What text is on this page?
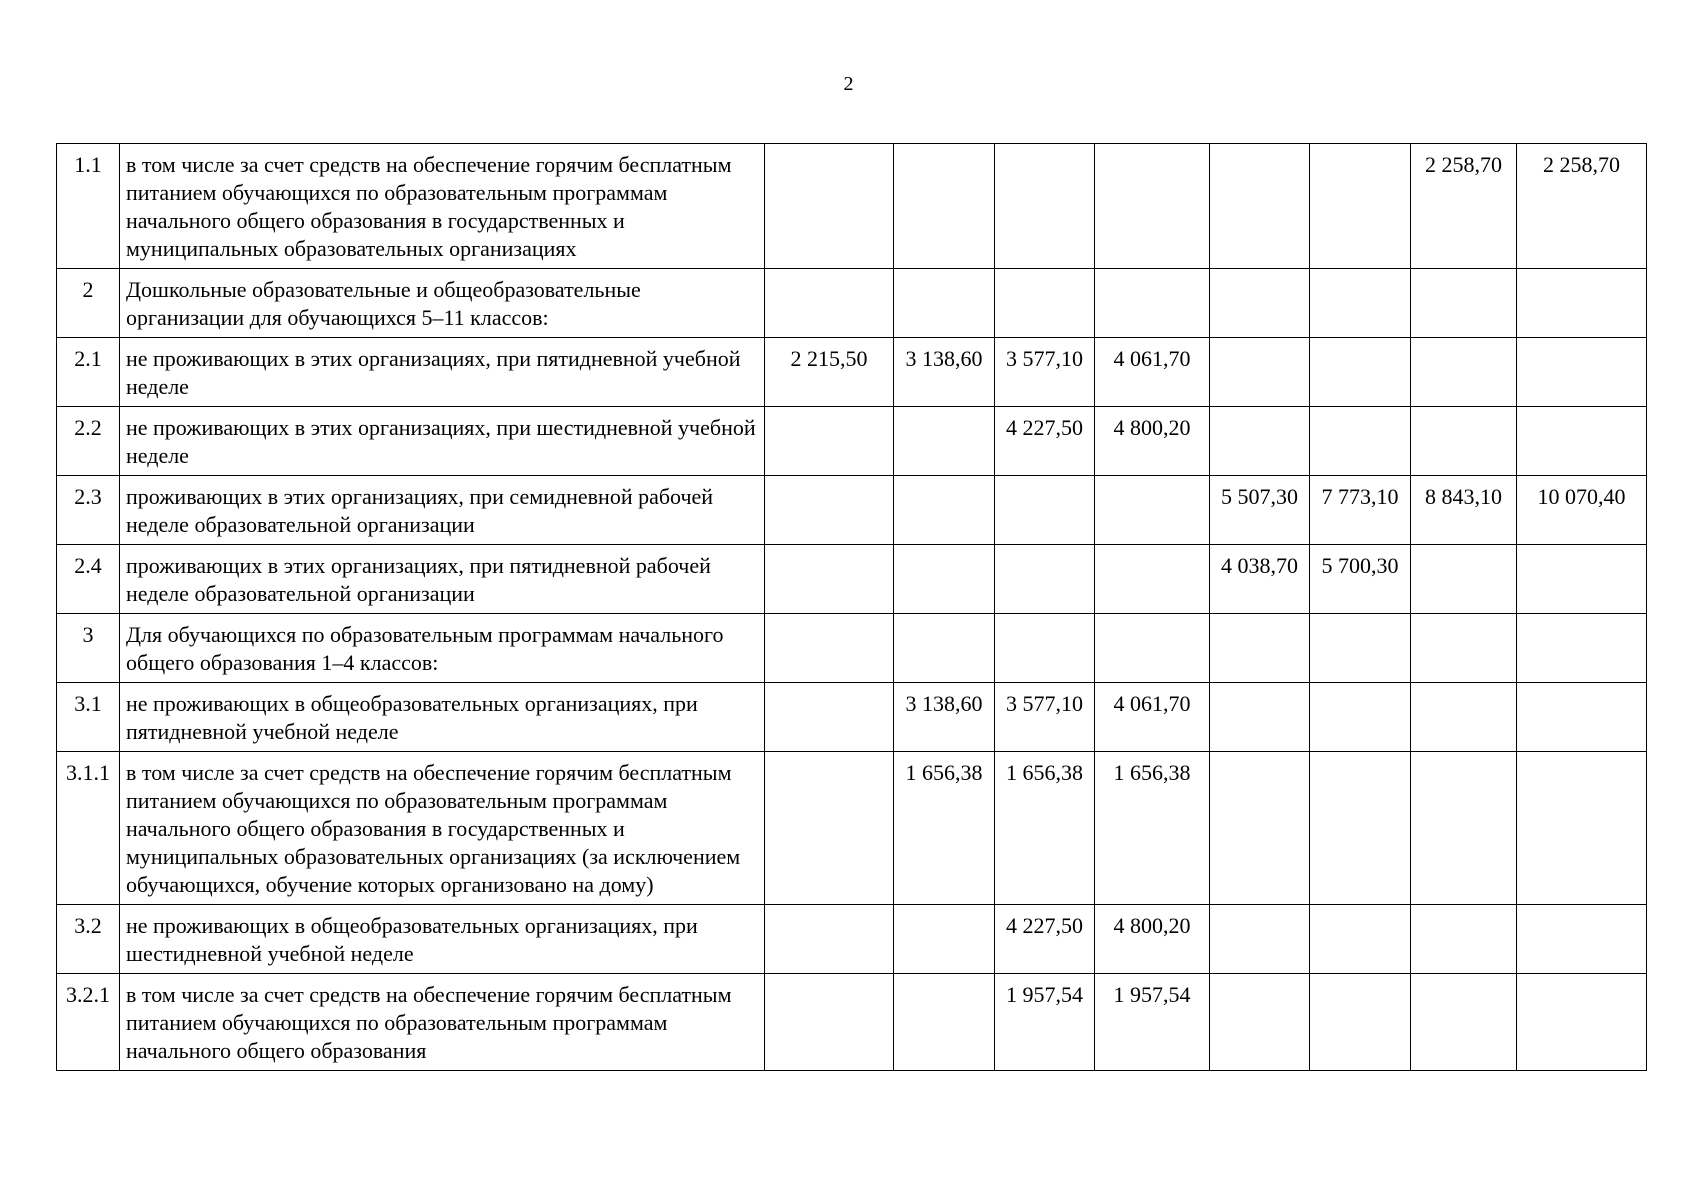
2
1.1	в том числе за счет средств на обеспечение горячим бесплатным питанием обучающихся по образовательным программам начального общего образования в государственных и муниципальных образовательных организациях							2 258,70	2 258,70
2	Дошкольные образовательные и общеобразовательные организации для обучающихся 5–11 классов:								
2.1	не проживающих в этих организациях, при пятидневной учебной неделе	2 215,50	3 138,60	3 577,10	4 061,70				
2.2	не проживающих в этих организациях, при шестидневной учебной неделе			4 227,50	4 800,20				
2.3	проживающих в этих организациях, при семидневной рабочей неделе образовательной организации					5 507,30	7 773,10	8 843,10	10 070,40
2.4	проживающих в этих организациях, при пятидневной рабочей неделе образовательной организации					4 038,70	5 700,30		
3	Для обучающихся по образовательным программам начального общего образования 1–4 классов:								
3.1	не проживающих в общеобразовательных организациях, при пятидневной учебной неделе		3 138,60	3 577,10	4 061,70				
3.1.1	в том числе за счет средств на обеспечение горячим бесплатным питанием обучающихся по образовательным программам начального общего образования в государственных и муниципальных образовательных организациях (за исключением обучающихся, обучение которых организовано на дому)		1 656,38	1 656,38	1 656,38				
3.2	не проживающих в общеобразовательных организациях, при шестидневной учебной неделе			4 227,50	4 800,20				
3.2.1	в том числе за счет средств на обеспечение горячим бесплатным питанием обучающихся по образовательным программам начального общего образования			1 957,54	1 957,54				
